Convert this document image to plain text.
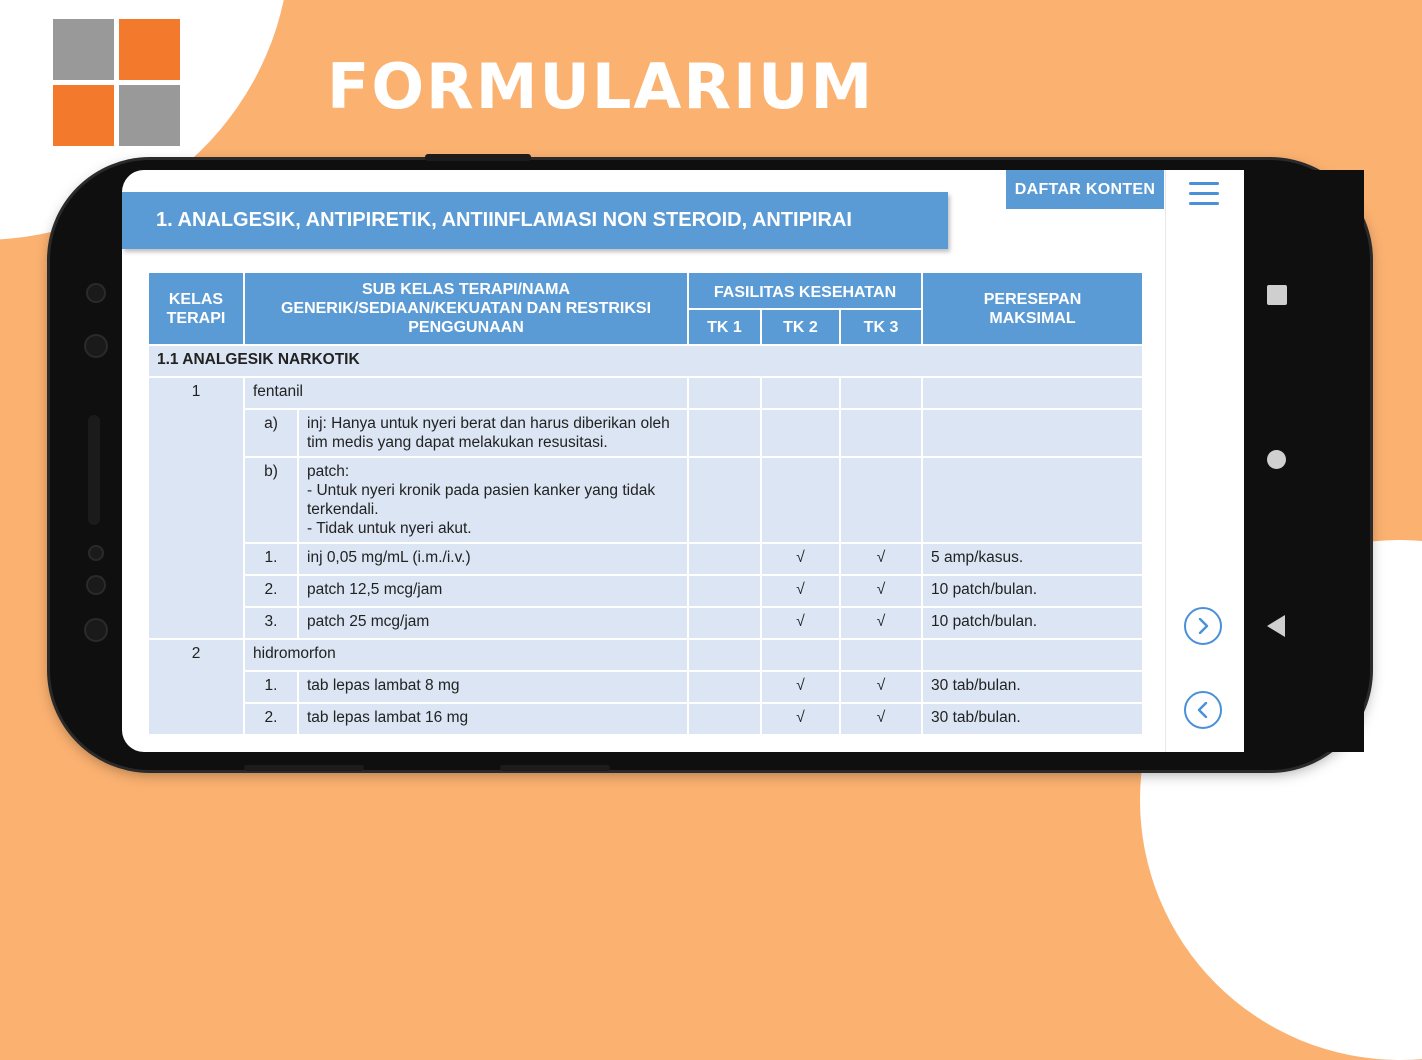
FORMULARIUM
1. ANALGESIK, ANTIPIRETIK, ANTIINFLAMASI NON STEROID, ANTIPIRAI
DAFTAR KONTEN
KELAS TERAPI	SUB KELAS TERAPI/NAMA GENERIK/SEDIAAN/KEKUATAN DAN RESTRIKSI PENGGUNAAN		FASILITAS KESEHATAN			PERESEPAN MAKSIMAL
			TK 1	TK 2	TK 3	
1.1 ANALGESIK NARKOTIK						
1	fentanil					
	a)	inj: Hanya untuk nyeri berat dan harus diberikan oleh tim medis yang dapat melakukan resusitasi.				
	b)	patch:
- Untuk nyeri kronik pada pasien kanker yang tidak terkendali.
- Tidak untuk nyeri akut.				

	1.	inj 0,05 mg/mL (i.m./i.v.)		√	√	5 amp/kasus.
	2.	patch 12,5 mcg/jam		√	√	10 patch/bulan.
	3.	patch 25 mcg/jam		√	√	10 patch/bulan.
2	hidromorfon					
	1.	tab lepas lambat 8 mg		√	√	30 tab/bulan.
	2.	tab lepas lambat 16 mg		√	√	30 tab/bulan.
